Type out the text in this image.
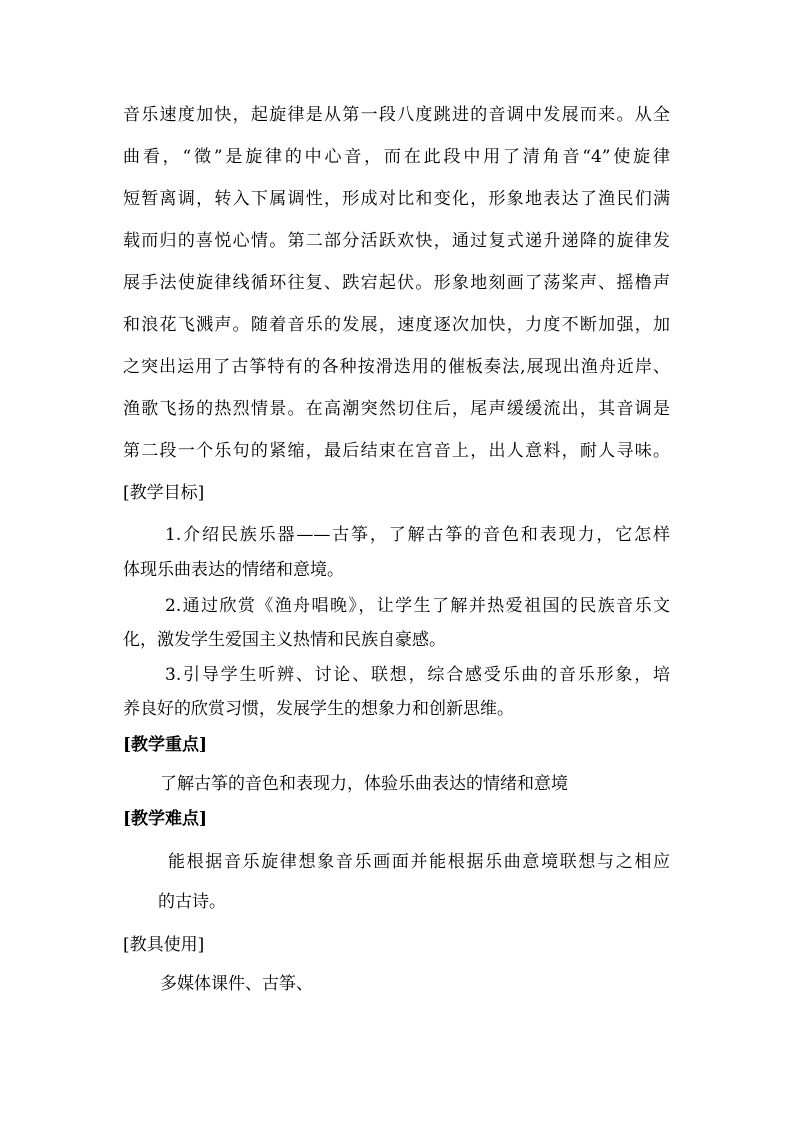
音乐速度加快，起旋律是从第一段八度跳进的音调中发展而来。从全
曲看，“徵”是旋律的中心音，而在此段中用了清角音“4”使旋律
短暂离调，转入下属调性，形成对比和变化，形象地表达了渔民们满
载而归的喜悦心情。第二部分活跃欢快，通过复式递升递降的旋律发
展手法使旋律线循环往复、跌宕起伏。形象地刻画了荡桨声、摇橹声
和浪花飞溅声。随着音乐的发展，速度逐次加快，力度不断加强，加
之突出运用了古筝特有的各种按滑迭用的催板奏法,展现出渔舟近岸、
渔歌飞扬的热烈情景。在高潮突然切住后，尾声缓缓流出，其音调是
第二段一个乐句的紧缩，最后结束在宫音上，出人意料，耐人寻味。
[教学目标]
1.介绍民族乐器——古筝，了解古筝的音色和表现力，它怎样
体现乐曲表达的情绪和意境。
2.通过欣赏《渔舟唱晚》，让学生了解并热爱祖国的民族音乐文
化，激发学生爱国主义热情和民族自豪感。
3.引导学生听辨、讨论、联想，综合感受乐曲的音乐形象，培
养良好的欣赏习惯，发展学生的想象力和创新思维。
[教学重点]
了解古筝的音色和表现力，体验乐曲表达的情绪和意境
[教学难点]
能根据音乐旋律想象音乐画面并能根据乐曲意境联想与之相应
的古诗。
[教具使用]
多媒体课件、古筝、
